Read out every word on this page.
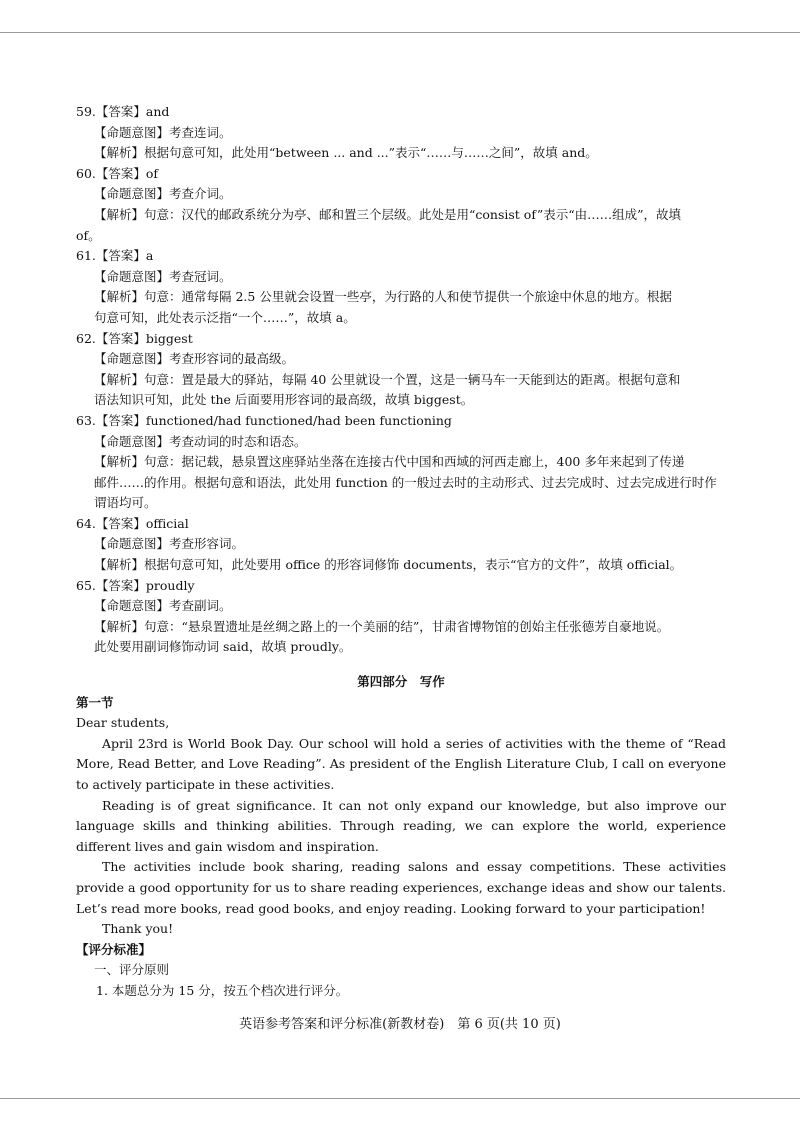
59.【答案】and
【命题意图】考查连词。
【解析】根据句意可知，此处用“between ... and ...”表示“……与……之间”，故填 and。
60.【答案】of
【命题意图】考查介词。
【解析】句意：汉代的邮政系统分为亭、邮和置三个层级。此处是用“consist of”表示“由……组成”，故填
of。
61.【答案】a
【命题意图】考查冠词。
【解析】句意：通常每隔 2.5 公里就会设置一些亭，为行路的人和使节提供一个旅途中休息的地方。根据
句意可知，此处表示泛指“一个……”，故填 a。
62.【答案】biggest
【命题意图】考查形容词的最高级。
【解析】句意：置是最大的驿站，每隔 40 公里就设一个置，这是一辆马车一天能到达的距离。根据句意和
语法知识可知，此处 the 后面要用形容词的最高级，故填 biggest。
63.【答案】functioned/had functioned/had been functioning
【命题意图】考查动词的时态和语态。
【解析】句意：据记载，悬泉置这座驿站坐落在连接古代中国和西域的河西走廊上，400 多年来起到了传递
邮件……的作用。根据句意和语法，此处用 function 的一般过去时的主动形式、过去完成时、过去完成进行时作谓语均可。
64.【答案】official
【命题意图】考查形容词。
【解析】根据句意可知，此处要用 office 的形容词修饰 documents，表示“官方的文件”，故填 official。
65.【答案】proudly
【命题意图】考查副词。
【解析】句意：“悬泉置遗址是丝绸之路上的一个美丽的结”，甘肃省博物馆的创始主任张德芳自豪地说。
此处要用副词修饰动词 said，故填 proudly。
第四部分　写作
第一节

Dear students,

April 23rd is World Book Day. Our school will hold a series of activities with the theme of “Read More, Read Better, and Love Reading”. As president of the English Literature Club, I call on everyone to actively participate in these activities.

Reading is of great significance. It can not only expand our knowledge, but also improve our language skills and thinking abilities. Through reading, we can explore the world, experience different lives and gain wisdom and inspiration.

The activities include book sharing, reading salons and essay competitions. These activities provide a good opportunity for us to share reading experiences, exchange ideas and show our talents. Let’s read more books, read good books, and enjoy reading. Looking forward to your participation!

Thank you!

【评分标准】
一、评分原则
1. 本题总分为 15 分，按五个档次进行评分。
英语参考答案和评分标准(新教材卷)　第 6 页(共 10 页)
